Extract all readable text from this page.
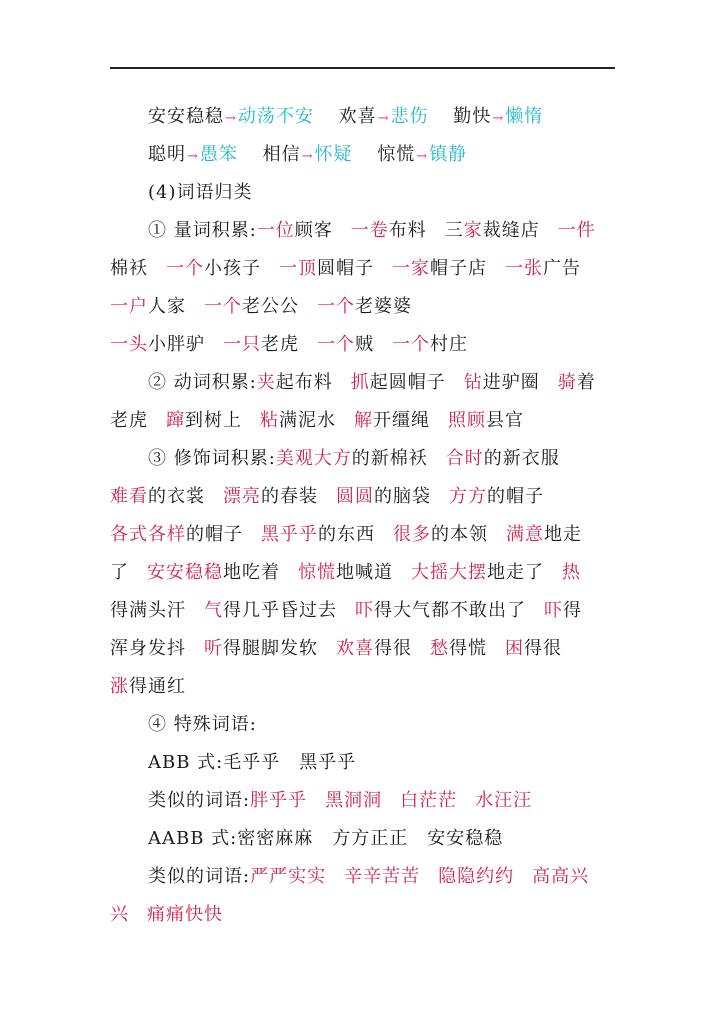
安安稳稳→动荡不安 欢喜→悲伤 勤快→懒惰
聪明→愚笨 相信→怀疑 惊慌→镇静
(4)词语归类
① 量词积累:一位顾客 一卷布料 三家裁缝店 一件
棉袄 一个小孩子 一顶圆帽子 一家帽子店 一张广告
一户人家 一个老公公 一个老婆婆
一头小胖驴 一只老虎 一个贼 一个村庄
② 动词积累:夹起布料 抓起圆帽子 钻进驴圈 骑着
老虎 蹿到树上 粘满泥水 解开缰绳 照顾县官
③ 修饰词积累:美观大方的新棉袄 合时的新衣服
难看的衣裳 漂亮的春装 圆圆的脑袋 方方的帽子
各式各样的帽子 黑乎乎的东西 很多的本领 满意地走
了 安安稳稳地吃着 惊慌地喊道 大摇大摆地走了 热
得满头汗 气得几乎昏过去 吓得大气都不敢出了 吓得
浑身发抖 听得腿脚发软 欢喜得很 愁得慌 困得很
涨得通红
④ 特殊词语:
ABB 式:毛乎乎　黑乎乎
类似的词语:胖乎乎 黑洞洞 白茫茫 水汪汪
AABB 式:密密麻麻　方方正正　安安稳稳
类似的词语:严严实实 辛辛苦苦 隐隐约约 高高兴
兴 痛痛快快
